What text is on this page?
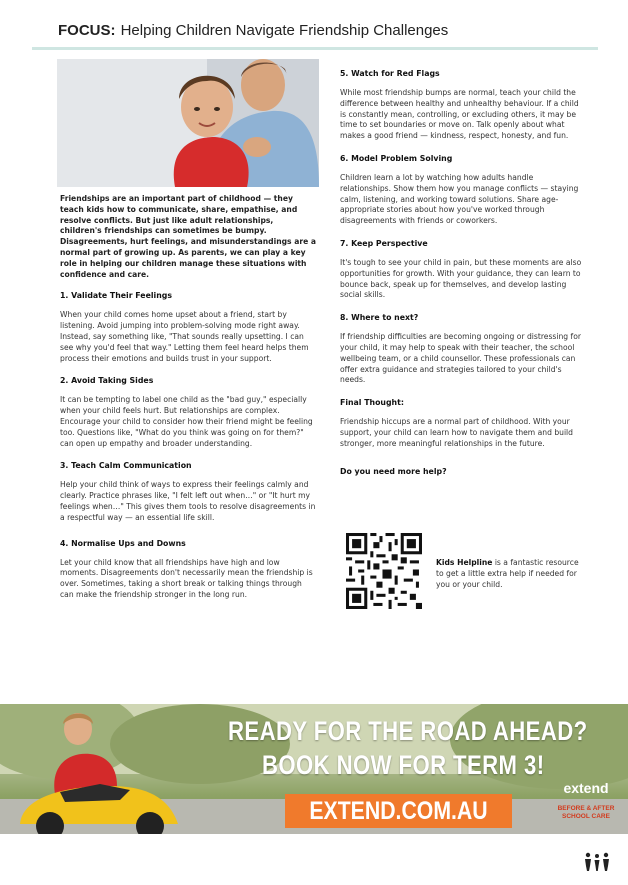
FOCUS: Helping Children Navigate Friendship Challenges

Friendships are an important part of childhood — they teach kids how to communicate, share, empathise, and resolve conflicts. But just like adult relationships, children's friendships can sometimes be bumpy. Disagreements, hurt feelings, and misunderstandings are a normal part of growing up. As parents, we can play a key role in helping our children manage these situations with confidence and care.

1. Validate Their Feelings

When your child comes home upset about a friend, start by listening. Avoid jumping into problem-solving mode right away. Instead, say something like, "That sounds really upsetting. I can see why you'd feel that way." Letting them feel heard helps them process their emotions and builds trust in your support.

2. Avoid Taking Sides

It can be tempting to label one child as the "bad guy," especially when your child feels hurt. But relationships are complex. Encourage your child to consider how their friend might be feeling too. Questions like, "What do you think was going on for them?" can open up empathy and broader understanding.

3. Teach Calm Communication

Help your child think of ways to express their feelings calmly and clearly. Practice phrases like, "I felt left out when…" or "It hurt my feelings when…" This gives them tools to resolve disagreements in a respectful way — an essential life skill.

4. Normalise Ups and Downs

Let your child know that all friendships have high and low moments. Disagreements don't necessarily mean the friendship is over. Sometimes, taking a short break or talking things through can make the friendship stronger in the long run.

5. Watch for Red Flags

While most friendship bumps are normal, teach your child the difference between healthy and unhealthy behaviour. If a child is constantly mean, controlling, or excluding others, it may be time to set boundaries or move on. Talk openly about what makes a good friend — kindness, respect, honesty, and fun.

6. Model Problem Solving

Children learn a lot by watching how adults handle relationships. Show them how you manage conflicts — staying calm, listening, and working toward solutions. Share age-appropriate stories about how you've worked through disagreements with friends or coworkers.

7. Keep Perspective

It's tough to see your child in pain, but these moments are also opportunities for growth. With your guidance, they can learn to bounce back, speak up for themselves, and develop lasting social skills.

8. Where to next?

If friendship difficulties are becoming ongoing or distressing for your child, it may help to speak with their teacher, the school wellbeing team, or a child counsellor. These professionals can offer extra guidance and strategies tailored to your child's needs.

Final Thought:

Friendship hiccups are a normal part of childhood. With your support, your child can learn how to navigate them and build stronger, more meaningful relationships in the future.

Do you need more help?
Kids Helpline is a fantastic resource to get a little extra help if needed for you or your child.
READY FOR THE ROAD AHEAD?
BOOK NOW FOR TERM 3!
EXTEND.COM.AU
extend
BEFORE & AFTER
SCHOOL CARE
